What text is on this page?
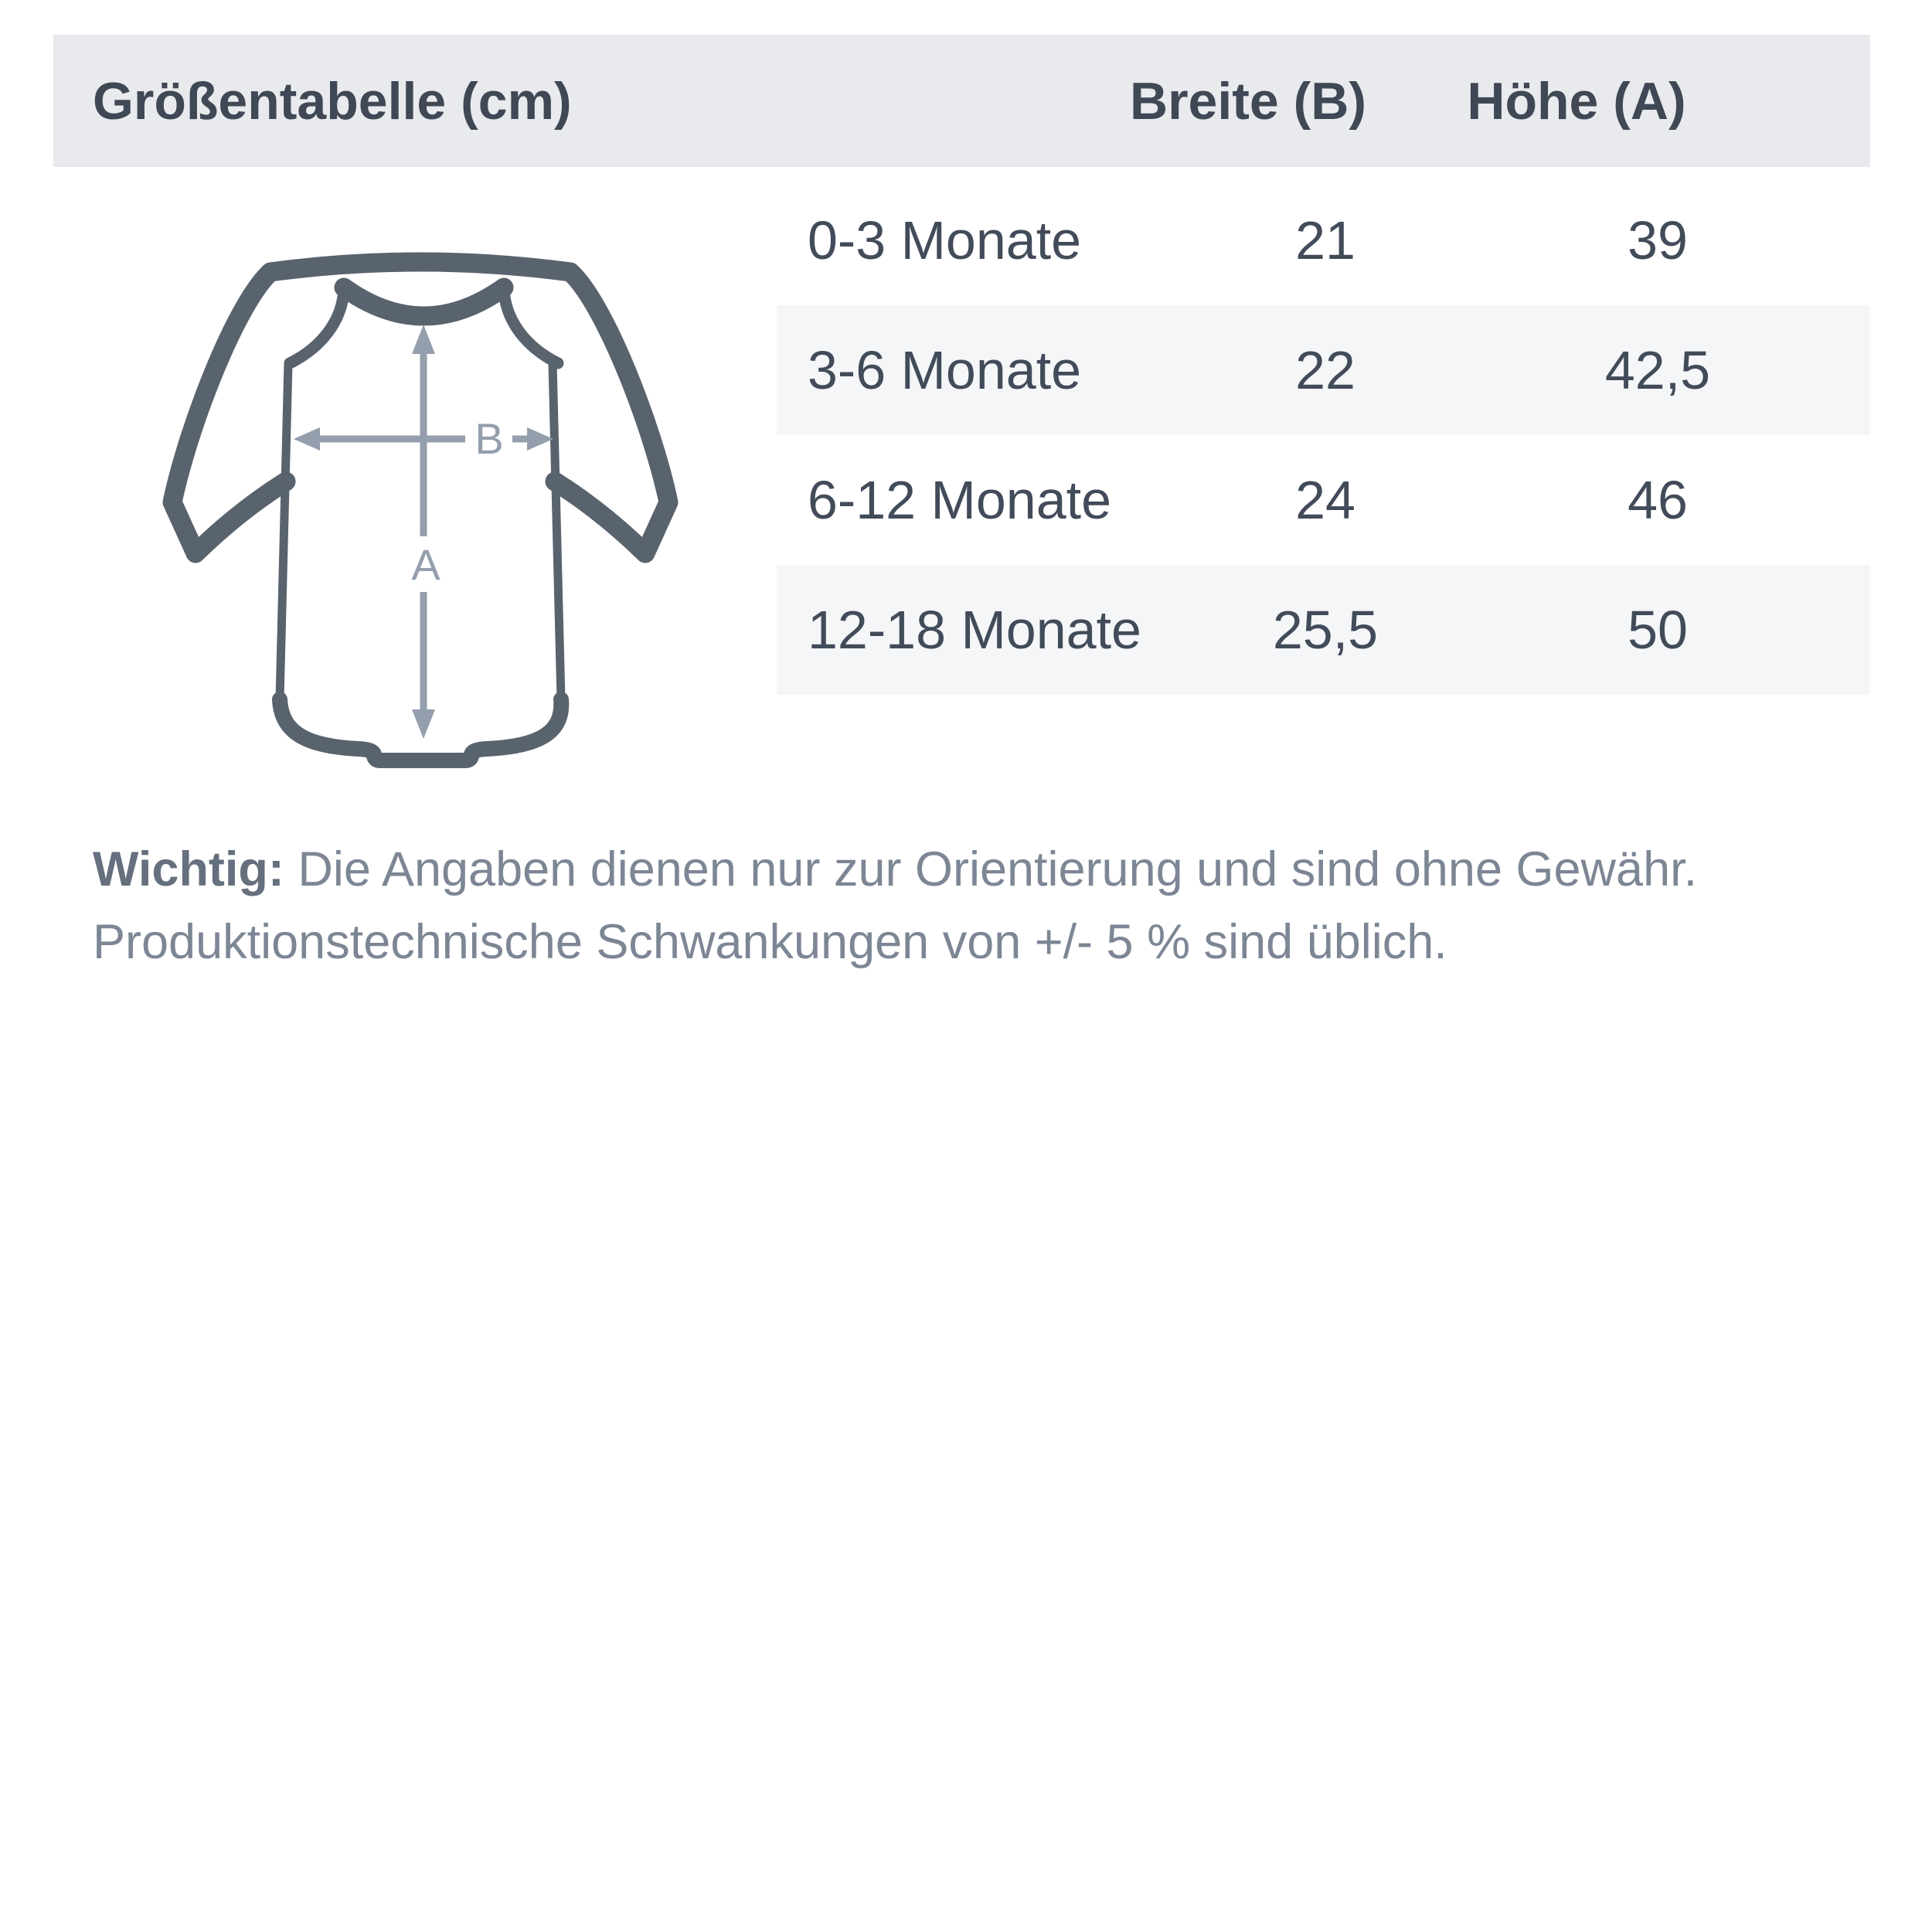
Größentabelle (cm)	Breite (B) Höhe (A)
0-3 Monate	21	39
3-6 Monate	22	42,5
6-12 Monate	24	46
12-18 Monate 25,5	50
A
B
Wichtig: Die Angaben dienen nur zur Orientierung und sind ohne Gewähr.
Produktionstechnische Schwankungen von +/- 5 % sind üblich.
